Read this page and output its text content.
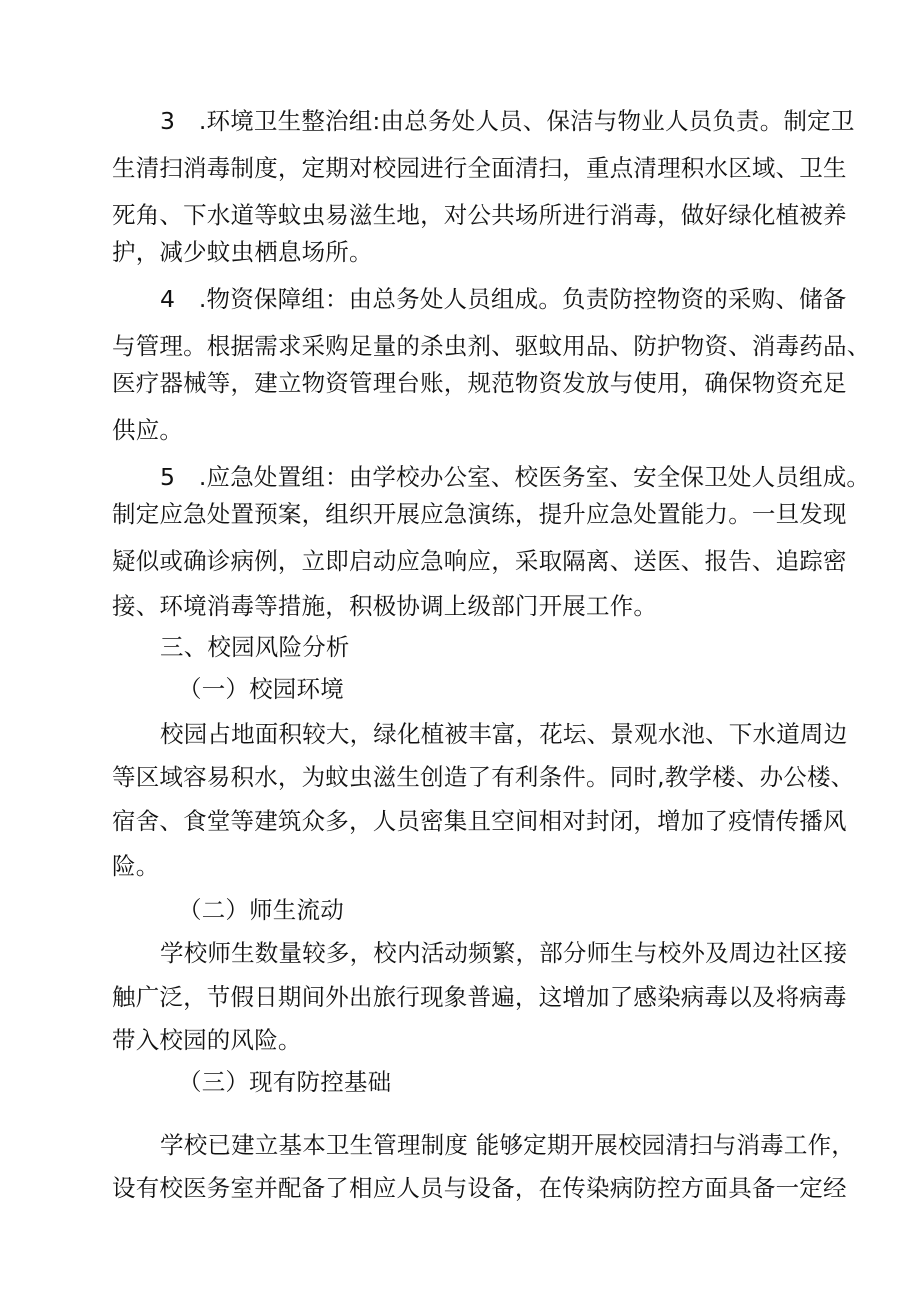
3　.环境卫生整治组:由总务处人员、保洁与物业人员负责。制定卫
生清扫消毒制度，定期对校园进行全面清扫，重点清理积水区域、卫生
死角、下水道等蚊虫易滋生地，对公共场所进行消毒，做好绿化植被养
护，减少蚊虫栖息场所。
4　.物资保障组：由总务处人员组成。负责防控物资的采购、储备
与管理。根据需求采购足量的杀虫剂、驱蚊用品、防护物资、消毒药品、
医疗器械等，建立物资管理台账，规范物资发放与使用，确保物资充足
供应。
5　.应急处置组：由学校办公室、校医务室、安全保卫处人员组成。
制定应急处置预案，组织开展应急演练，提升应急处置能力。一旦发现
疑似或确诊病例，立即启动应急响应，采取隔离、送医、报告、追踪密
接、环境消毒等措施，积极协调上级部门开展工作。
三、校园风险分析
（一）校园环境
校园占地面积较大，绿化植被丰富，花坛、景观水池、下水道周边
等区域容易积水，为蚊虫滋生创造了有利条件。同时,教学楼、办公楼、
宿舍、食堂等建筑众多，人员密集且空间相对封闭，增加了疫情传播风
险。
（二）师生流动
学校师生数量较多，校内活动频繁，部分师生与校外及周边社区接
触广泛，节假日期间外出旅行现象普遍，这增加了感染病毒以及将病毒
带入校园的风险。
（三）现有防控基础
学校已建立基本卫生管理制度 能够定期开展校园清扫与消毒工作，
设有校医务室并配备了相应人员与设备，在传染病防控方面具备一定经
